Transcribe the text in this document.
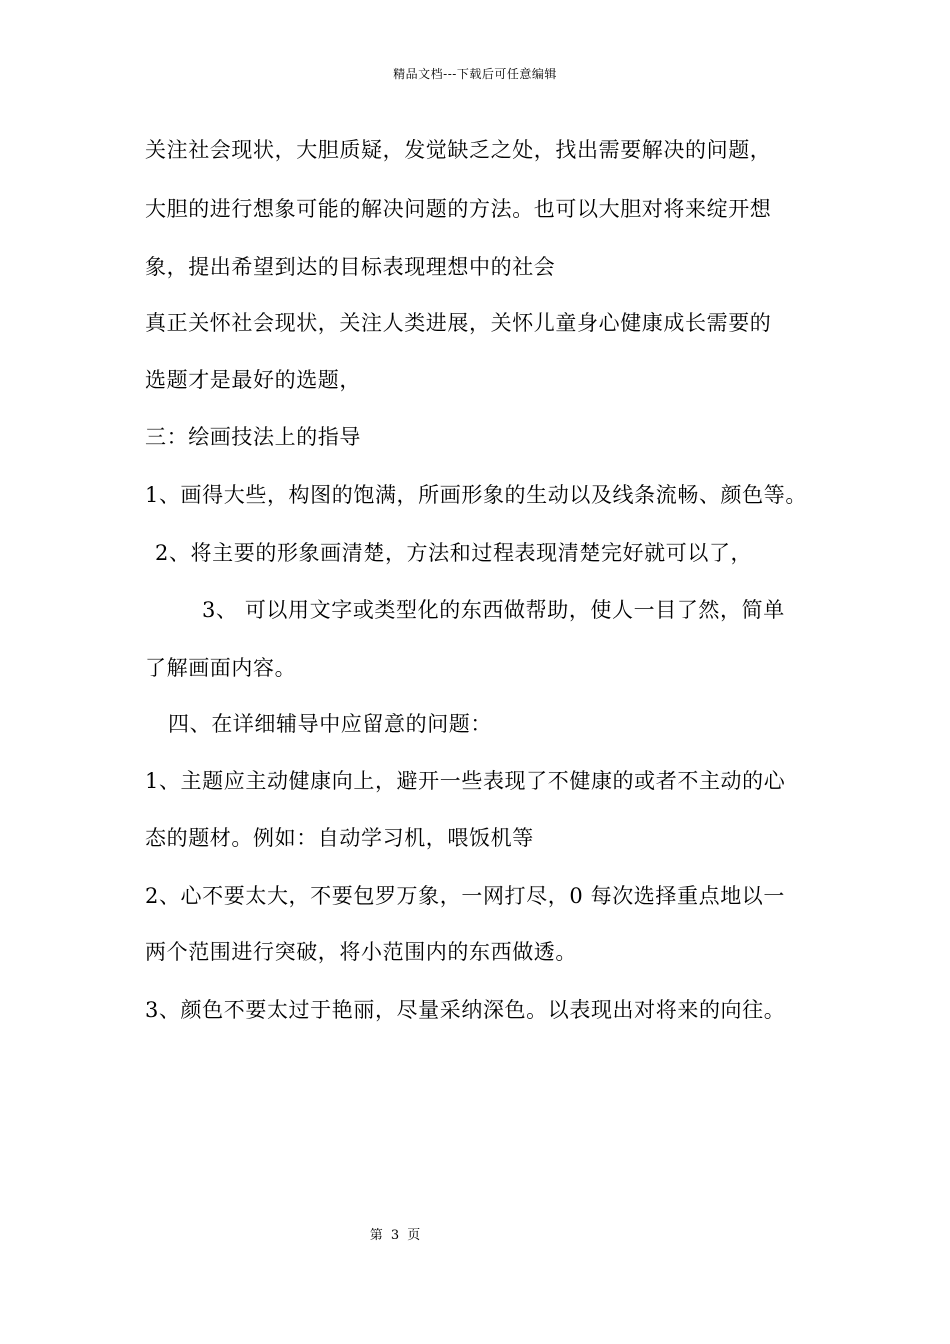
精品文档---下载后可任意编辑
关注社会现状，大胆质疑，发觉缺乏之处，找出需要解决的问题，
大胆的进行想象可能的解决问题的方法。也可以大胆对将来绽开想
象，提出希望到达的目标表现理想中的社会
真正关怀社会现状，关注人类进展，关怀儿童身心健康成长需要的
选题才是最好的选题，
三：绘画技法上的指导
1、画得大些，构图的饱满，所画形象的生动以及线条流畅、颜色等。
2、将主要的形象画清楚，方法和过程表现清楚完好就可以了，
3、 可以用文字或类型化的东西做帮助，使人一目了然，简单
了解画面内容。
四、在详细辅导中应留意的问题：
1、主题应主动健康向上，避开一些表现了不健康的或者不主动的心
态的题材。例如：自动学习机，喂饭机等
2、心不要太大，不要包罗万象，一网打尽，0 每次选择重点地以一
两个范围进行突破，将小范围内的东西做透。
3、颜色不要太过于艳丽，尽量采纳深色。以表现出对将来的向往。
第 3 页
